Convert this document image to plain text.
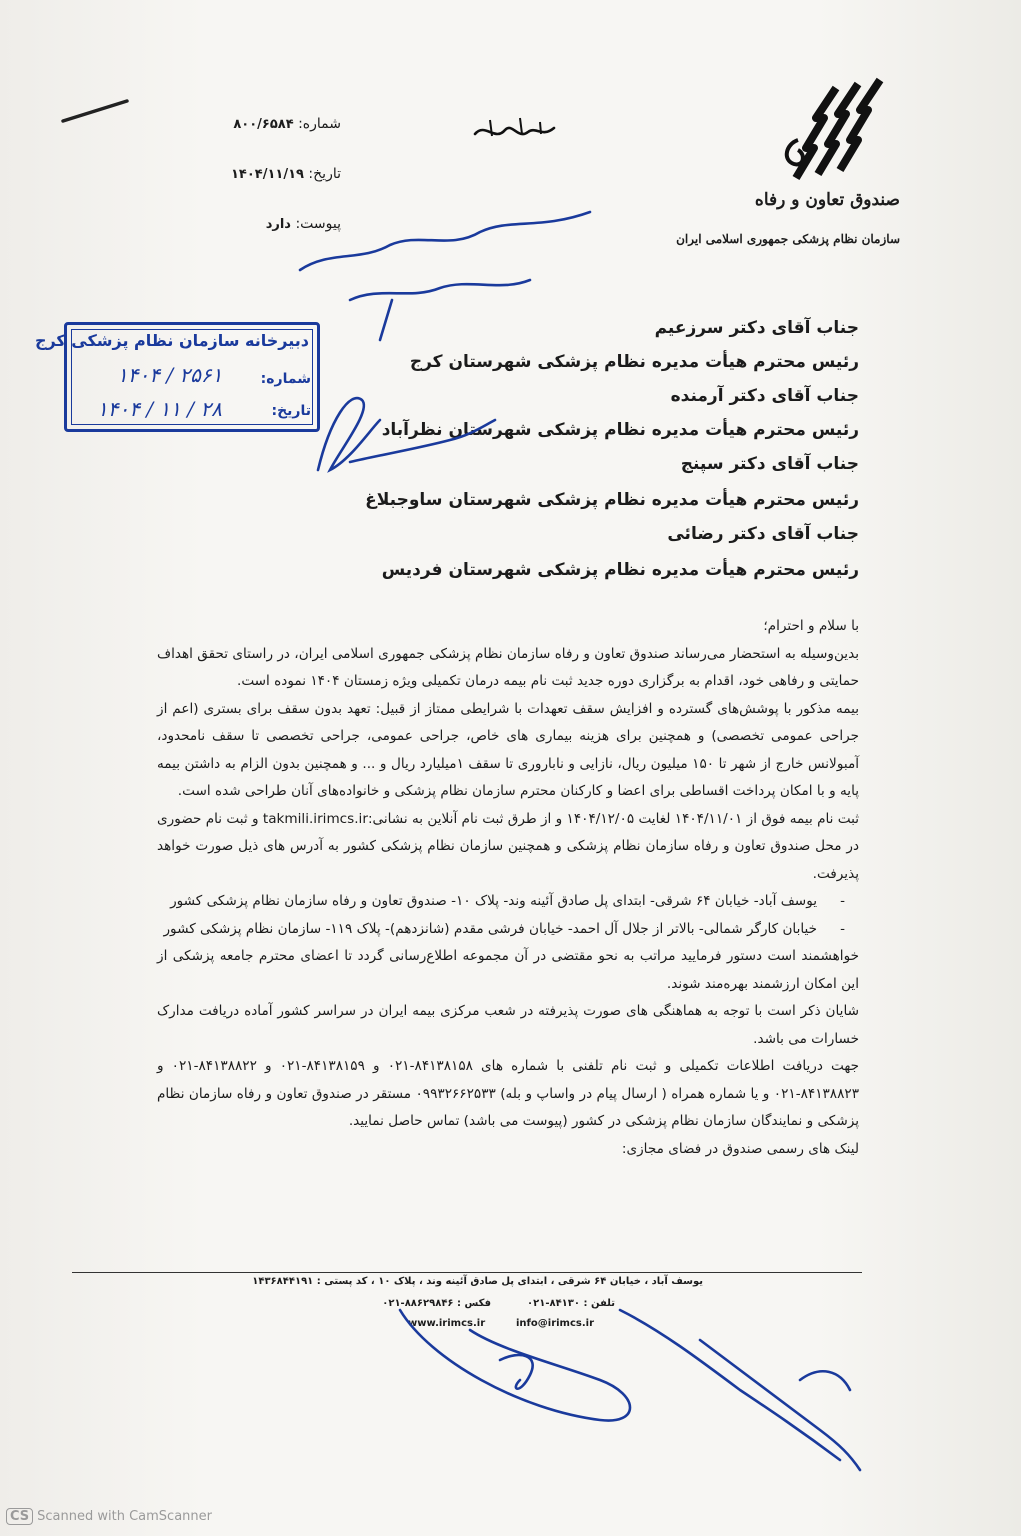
شماره: ۸۰۰/۶۵۸۴
تاریخ: ۱۴۰۴/۱۱/۱۹
پیوست: دارد
صندوق تعاون و رفاه
سازمان نظام پزشکی جمهوری اسلامی ایران
دبیرخانه سازمان نظام پزشکی کرج
شماره:
۱۴۰۴ / ۲۵۶۱
تاریخ:
۱۴۰۴ / ۱۱ / ۲۸
جناب آقای دکتر سرزعیم
رئیس محترم هیأت مدیره نظام پزشکی شهرستان کرج
جناب آقای دکتر آرمنده
رئیس محترم هیأت مدیره نظام پزشکی شهرستان نظرآباد
جناب آقای دکتر سپنج
رئیس محترم هیأت مدیره نظام پزشکی شهرستان ساوجبلاغ
جناب آقای دکتر رضائی
رئیس محترم هیأت مدیره نظام پزشکی شهرستان فردیس

با سلام و احترام؛

بدین‌وسیله به استحضار می‌رساند صندوق تعاون و رفاه سازمان نظام پزشکی جمهوری اسلامی ایران، در راستای تحقق اهداف حمایتی و رفاهی خود، اقدام به برگزاری دوره جدید ثبت نام بیمه درمان تکمیلی ویژه زمستان ۱۴۰۴ نموده است.

بیمه مذکور با پوشش‌های گسترده و افزایش سقف تعهدات با شرایطی ممتاز از قبیل: تعهد بدون سقف برای بستری (اعم از جراحی عمومی تخصصی) و همچنین برای هزینه بیماری های خاص، جراحی عمومی، جراحی تخصصی تا سقف نامحدود، آمبولانس خارج از شهر تا ۱۵۰ میلیون ریال، نازایی و ناباروری تا سقف ۱میلیارد ریال و ... و همچنین بدون الزام به داشتن بیمه پایه و با امکان پرداخت اقساطی برای اعضا و کارکنان محترم سازمان نظام پزشکی و خانواده‌های آنان طراحی شده است.

ثبت نام بیمه فوق از ۱۴۰۴/۱۱/۰۱ لغایت ۱۴۰۴/۱۲/۰۵ و از طرق ثبت نام آنلاین به نشانی:takmili.irimcs.ir و ثبت نام حضوری در محل صندوق تعاون و رفاه سازمان نظام پزشکی و همچنین سازمان نظام پزشکی کشور به آدرس های ذیل صورت خواهد پذیرفت.

-
یوسف آباد- خیابان ۶۴ شرقی- ابتدای پل صادق آئینه وند- پلاک ۱۰- صندوق تعاون و رفاه سازمان نظام پزشکی کشور

-
خیابان کارگر شمالی- بالاتر از جلال آل احمد- خیابان فرشی مقدم (شانزدهم)- پلاک ۱۱۹- سازمان نظام پزشکی کشور

خواهشمند است دستور فرمایید مراتب به نحو مقتضی در آن مجموعه اطلاع‌رسانی گردد تا اعضای محترم جامعه پزشکی از این امکان ارزشمند بهره‌مند شوند.

شایان ذکر است با توجه به هماهنگی های صورت پذیرفته در شعب مرکزی بیمه ایران در سراسر کشور آماده دریافت مدارک خسارات می باشد.

جهت دریافت اطلاعات تکمیلی و ثبت نام تلفنی با شماره های ۸۴۱۳۸۱۵۸-۰۲۱ و ۸۴۱۳۸۱۵۹-۰۲۱ و ۸۴۱۳۸۸۲۲-۰۲۱ و ۸۴۱۳۸۸۲۳-۰۲۱ و یا شماره همراه ( ارسال پیام در واساپ و بله) ۰۹۹۳۲۶۶۲۵۳۳ مستقر در صندوق تعاون و رفاه سازمان نظام پزشکی و نمایندگان سازمان نظام پزشکی در کشور (پیوست می باشد) تماس حاصل نمایید.

لینک های رسمی صندوق در فضای مجازی:

یوسف آباد ، خیابان ۶۴ شرقی ، ابتدای پل صادق آئینه وند ، پلاک ۱۰ ، کد پستی : ۱۴۳۶۸۴۴۱۹۱
تلفن : ۸۴۱۳۰-۰۲۱
فکس : ۸۸۶۲۹۸۴۶-۰۲۱
www.irimcs.ir	info@irimcs.ir
CS Scanned with CamScanner
